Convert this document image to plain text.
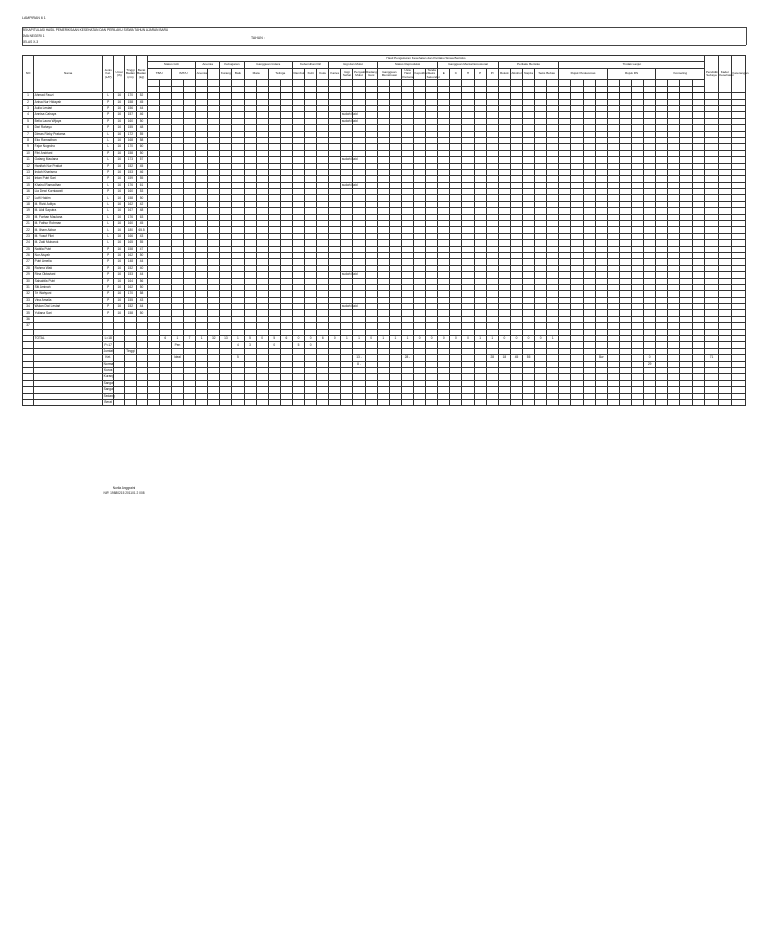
LAMPIRAN 6 1
REKAPITULASI HASIL PEMERIKSAAN KESEHATAN DAN PERILAKU SISWA TAHUN AJARAN BARU
SMA NEGERI 1
KELAS X-3
TAHUN :
NO	Nama	Jenis Kel. (L/P)	Umur (th)	Tinggi Badan (cm)	Berat Badan (kg)	Hasil Pengukuran Kesehatan dan Perilaku Siswa Berisiko																																														Pendidik Sebaya	Kader Kesehatan	Keterangan
						Status Gizi				Anemia		Kebugaran		Gangguan Indera				Kebersihan Diri			Gigi dan Mulut				Status Reproduksi					Gangguan Mental Emosional					Perilaku Berisiko					Tindak Lanjut														
						TB/U		IMT/U		Anemia		Kurang	Baik	Mata		Telinga		Rambut	Kulit	Kuku	Karies	Gigi Sehat	Penyakit Mulut	Radang Gusi	Gangguan Menstruasi		Usia Haid Pertama	Keputihan	Tanda Seks Sekunder	E	C	H	P	Pr	Rokok	Alkohol	Napza	Seks Bebas		Rujuk Puskesmas				Rujuk RS				Konseling						

1	Ahmad Fauzi	L	16	170	52																																																	
2	Anisa Nur Hidayah	P	16	158	45																																																	
3	Aulia Lestari	P	16	156	44																																																	
4	Annisa Cahaya	P	16	157	46																	sudah haid																																
5	Bella Laura Wijaya	P	16	160	50																	sudah haid																																
6	Dwi Rahayu	P	16	155	48																																																	
7	Dimas Rizky Pratama	L	16	172	55																																																	
8	Eko Ramadhan	L	16	168	58																																																	
9	Fajar Nugroho	L	16	170	60																																																	
10	Fitri Andriani	P	16	158	50																																																	
11	Galang Maulana	L	16	173	57																	sudah haid																																
12	Hanifah Nur Pratiwi	P	16	152	45																																																	
13	Indah Kharisma	P	16	153	46																																																	
14	Intan Putri Sari	P	16	159	55																																																	
15	Khairul Ramadhan	L	16	176	61																	sudah haid																																
16	Lia Dewi Kurniawati	P	16	160	53																																																	
17	Lutfi Hakim	L	16	158	50																																																	
18	M. Rizki Aditya	L	16	162	42																																																	
19	M. Aldi Saputra	L	16	167	48																																																	
20	M. Farhan Maulana	L	16	176	63																																																	
21	M. Fathur Rohman	L	16	160	45																																																	
22	M. Ilham Akbar	L	16	180	65.5																																																	
23	M. Yusuf Fikri	L	16	166	43																																																	
24	M. Zaki Mubarok	L	16	165	55																																																	
25	Nabila Putri	P	16	158	47																																																	
26	Nur Aisyah	P	16	162	50																																																	
27	Putri Amelia	P	16	148	44																																																	
28	Rahma Wati	P	16	152	40																																																	
29	Rina Oktaviani	P	16	153	44																	sudah haid																																
30	Salsabila Putri	P	16	164	56																																																	
31	Siti Aminah	P	16	162	50																																																	
32	Tri Wahyuni	P	16	170	58																																																	
33	Vina Amalia	P	16	155	43																																																	
34	Wulan Dwi Lestari	P	16	152	44																	sudah haid																																
35	Yuliana Sari	P	16	158	50																																																	
36																																																						
37																																																						

	TOTAL	L=18					6	1	7	1	32	13	1	5	0	5	6	0	0	6	0	1	1	0	1	1	1	0	0	0	0	0	1	1	0	0	0	0	1															
		P=17						Pen					4	3		0		5	0																																			
		Jumlah		Tinggi																																																		
		Ket.						Ideal					5										13 -				28 -							28	18	45	55						Bw				0					71		
		Normal																					8 -																								29							
		Kurus																																																				
		Kurang																																																				
		Sangat																																																				
		Sangat																																																				
		Sedang																																																				
		Berat																																																				
Nurlia Anggraini
NIP. 19880215 201101 2 008
